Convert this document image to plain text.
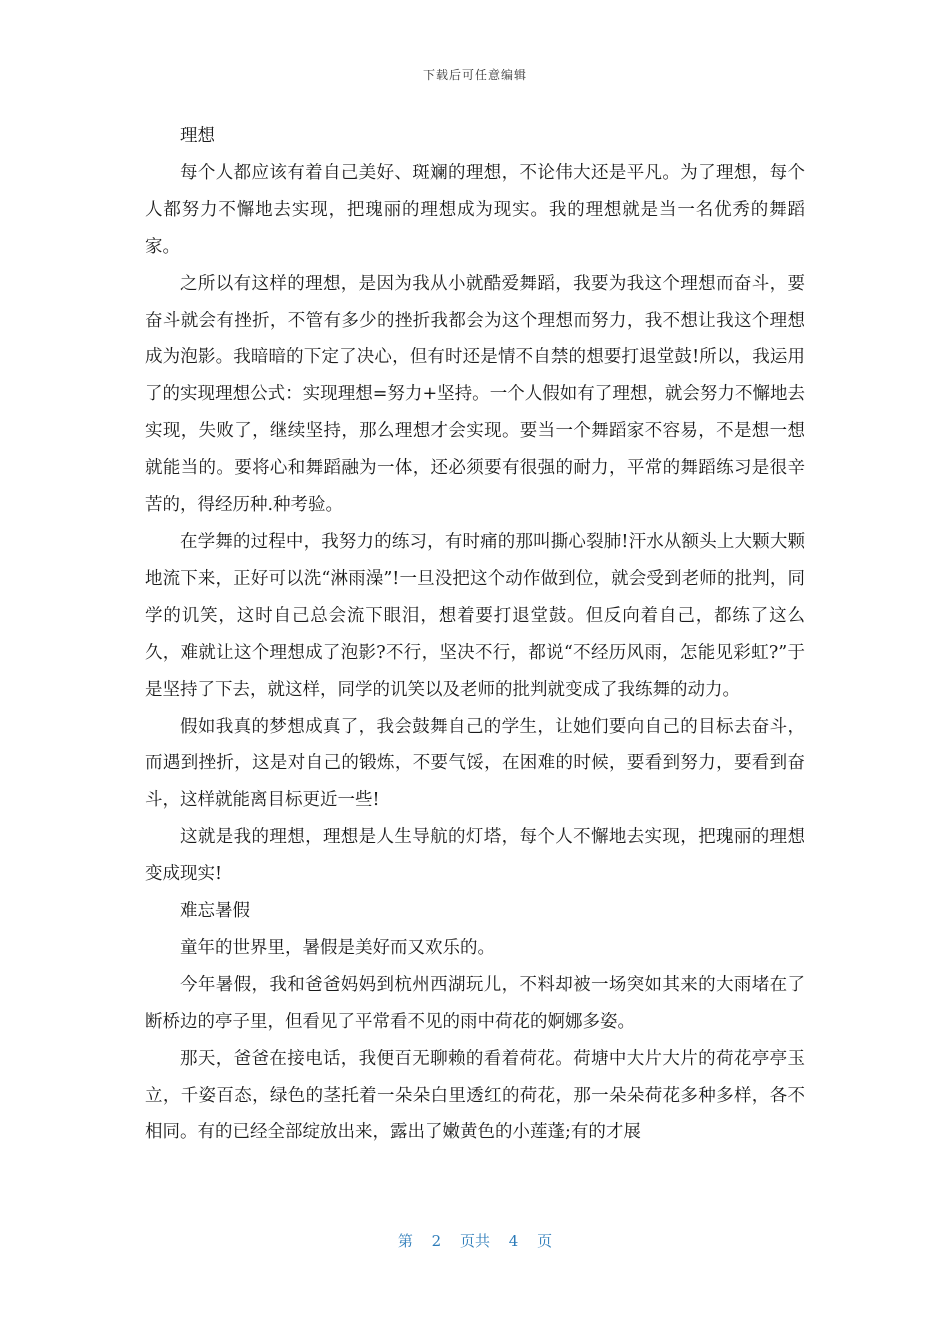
下载后可任意编辑

理想

每个人都应该有着自己美好、斑斓的理想，不论伟大还是平凡。为了理想，每个人都努力不懈地去实现，把瑰丽的理想成为现实。我的理想就是当一名优秀的舞蹈家。

之所以有这样的理想，是因为我从小就酷爱舞蹈，我要为我这个理想而奋斗，要奋斗就会有挫折，不管有多少的挫折我都会为这个理想而努力，我不想让我这个理想成为泡影。我暗暗的下定了决心，但有时还是情不自禁的想要打退堂鼓!所以，我运用了的实现理想公式：实现理想=努力+坚持。一个人假如有了理想，就会努力不懈地去实现，失败了，继续坚持，那么理想才会实现。要当一个舞蹈家不容易，不是想一想就能当的。要将心和舞蹈融为一体，还必须要有很强的耐力，平常的舞蹈练习是很辛苦的，得经历种.种考验。

在学舞的过程中，我努力的练习，有时痛的那叫撕心裂肺!汗水从额头上大颗大颗地流下来，正好可以洗“淋雨澡”!一旦没把这个动作做到位，就会受到老师的批判，同学的讥笑，这时自己总会流下眼泪，想着要打退堂鼓。但反向着自己，都练了这么久，难就让这个理想成了泡影?不行，坚决不行，都说“不经历风雨，怎能见彩虹?”于是坚持了下去，就这样，同学的讥笑以及老师的批判就变成了我练舞的动力。

假如我真的梦想成真了，我会鼓舞自己的学生，让她们要向自己的目标去奋斗，而遇到挫折，这是对自己的锻炼，不要气馁，在困难的时候，要看到努力，要看到奋斗，这样就能离目标更近一些!

这就是我的理想，理想是人生导航的灯塔，每个人不懈地去实现，把瑰丽的理想变成现实!

难忘暑假

童年的世界里，暑假是美好而又欢乐的。

今年暑假，我和爸爸妈妈到杭州西湖玩儿，不料却被一场突如其来的大雨堵在了断桥边的亭子里，但看见了平常看不见的雨中荷花的婀娜多姿。

那天，爸爸在接电话，我便百无聊赖的看着荷花。荷塘中大片大片的荷花亭亭玉立，千姿百态，绿色的茎托着一朵朵白里透红的荷花，那一朵朵荷花多种多样，各不相同。有的已经全部绽放出来，露出了嫩黄色的小莲蓬;有的才展

第 2 页共 4 页
